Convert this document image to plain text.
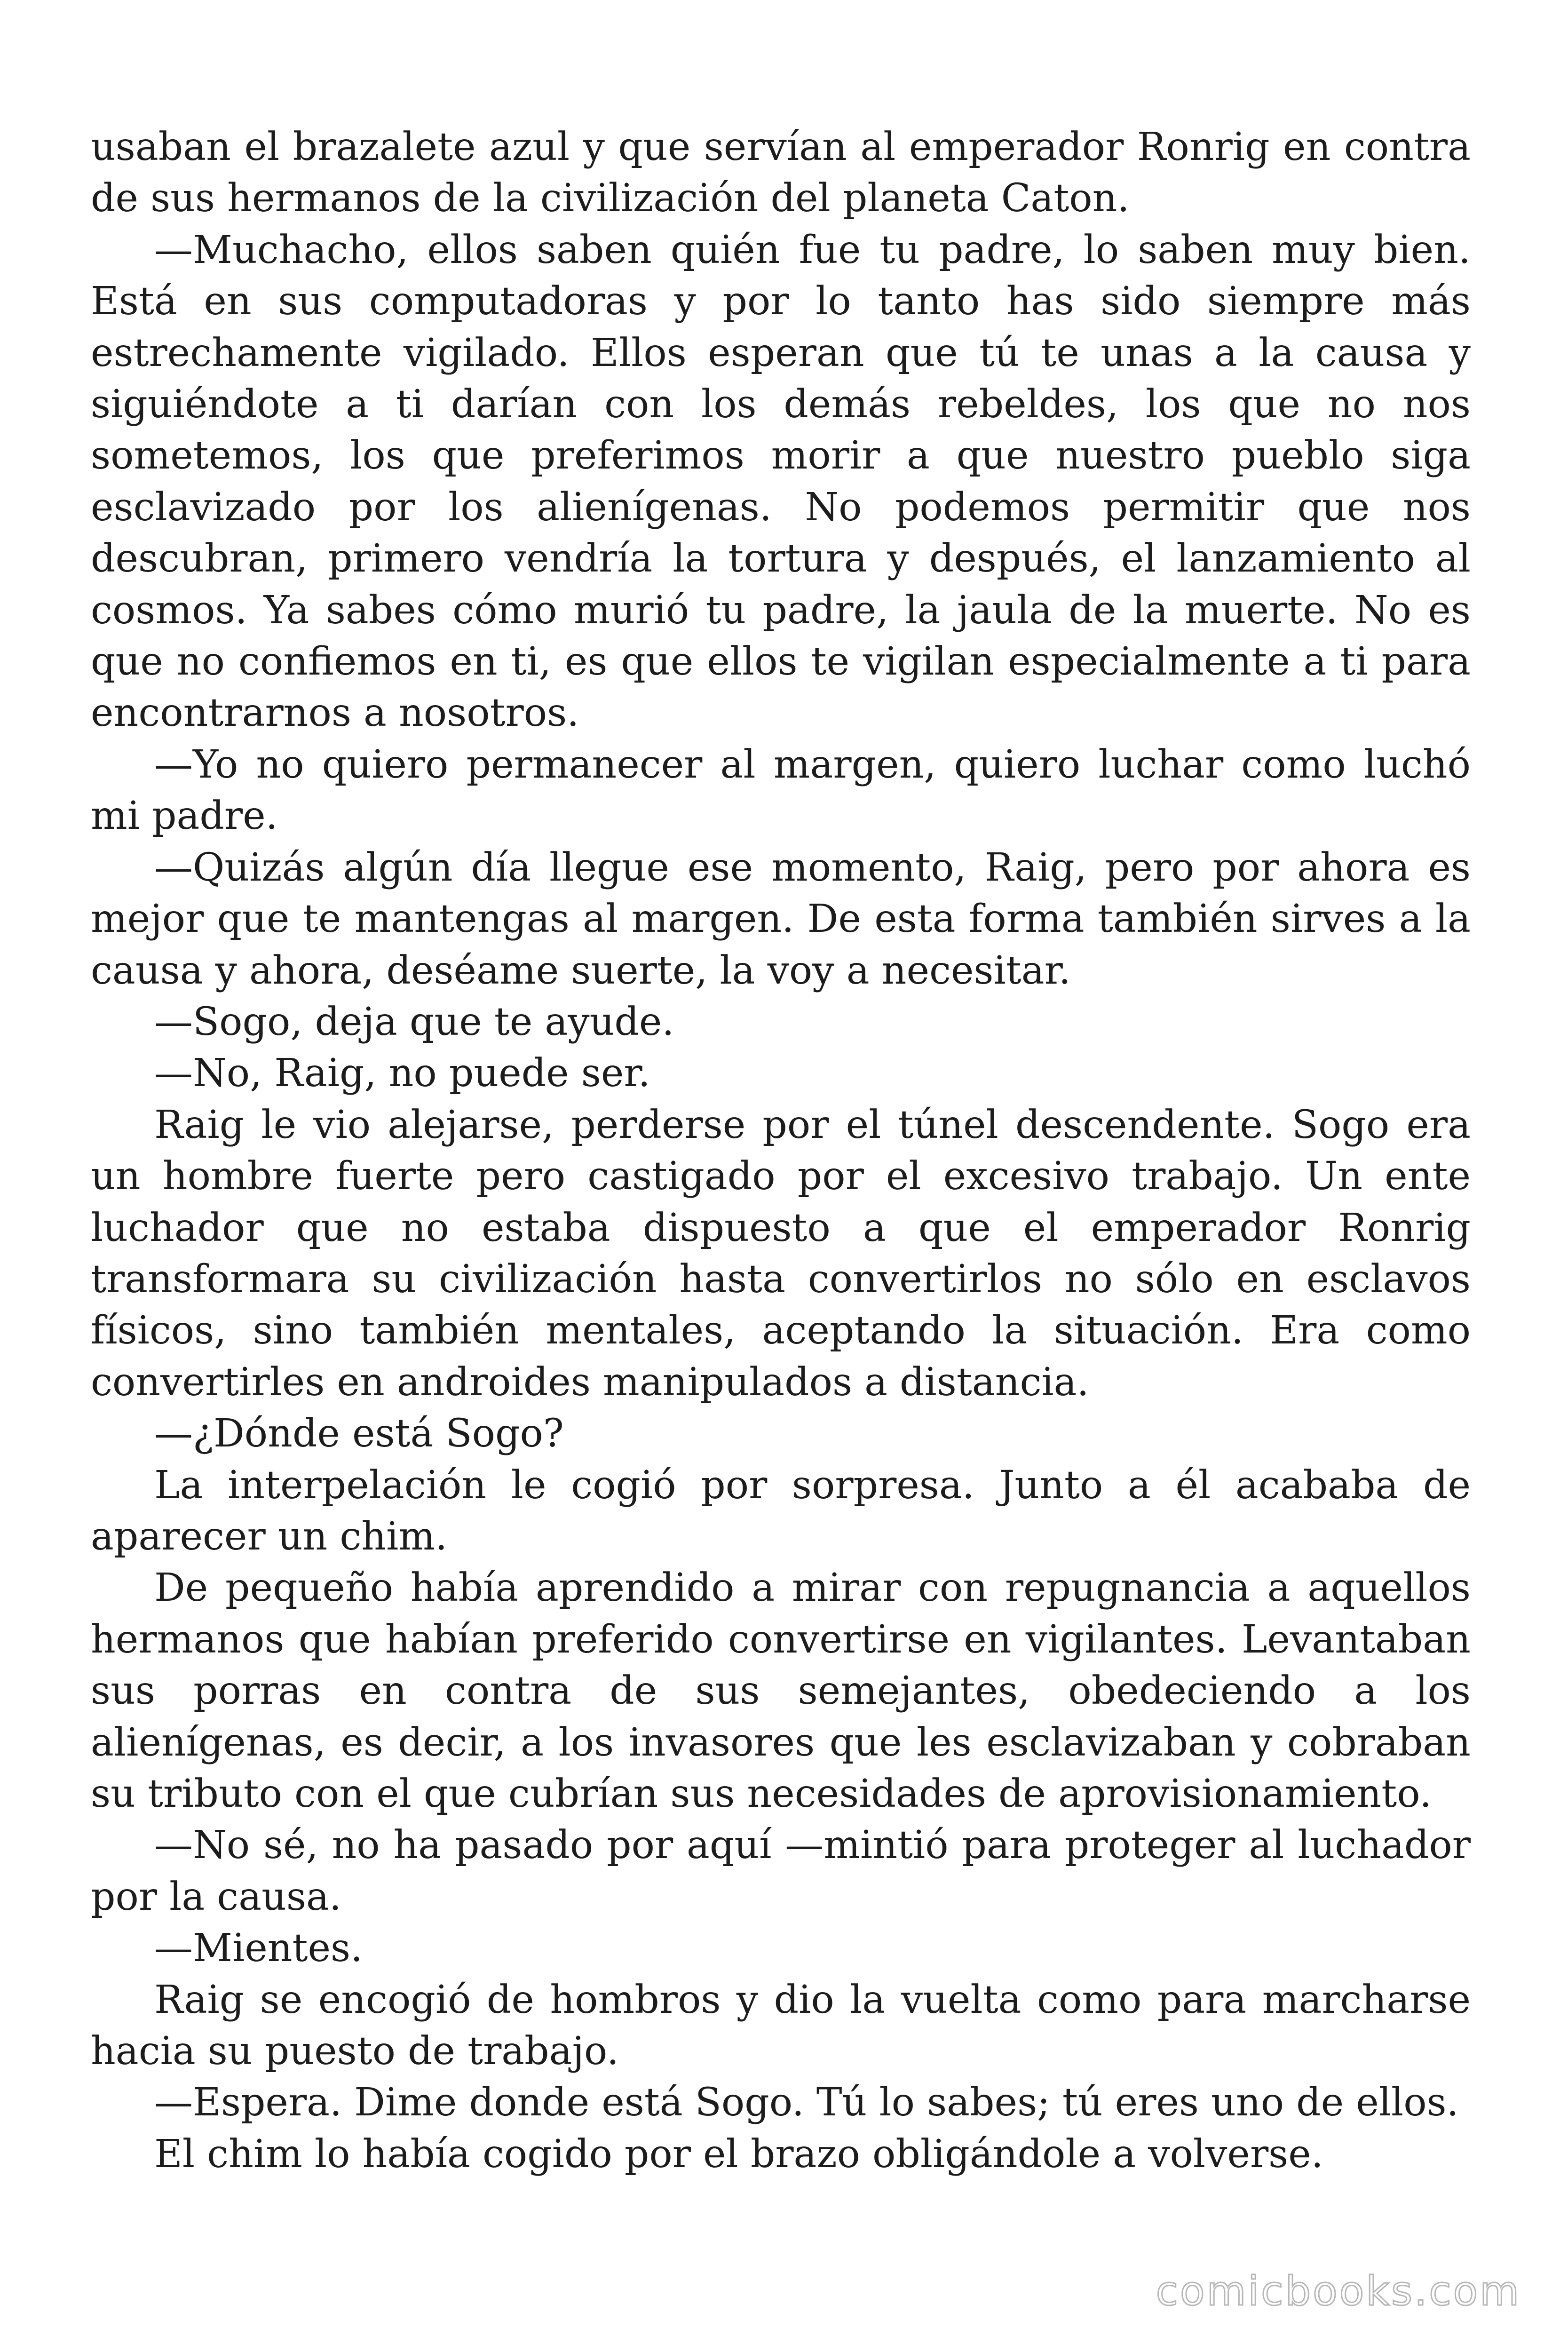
usaban el brazalete azul y que servían al emperador Ronrig en contra de sus hermanos de la civilización del planeta Caton.

—Muchacho, ellos saben quién fue tu padre, lo saben muy bien. Está en sus computadoras y por lo tanto has sido siempre más estrechamente vigilado. Ellos esperan que tú te unas a la causa y siguiéndote a ti darían con los demás rebeldes, los que no nos sometemos, los que preferimos morir a que nuestro pueblo siga esclavizado por los alienígenas. No podemos permitir que nos descubran, primero vendría la tortura y después, el lanzamiento al cosmos. Ya sabes cómo murió tu padre, la jaula de la muerte. No es que no confiemos en ti, es que ellos te vigilan especialmente a ti para encontrarnos a nosotros.

—Yo no quiero permanecer al margen, quiero luchar como luchó mi padre.

—Quizás algún día llegue ese momento, Raig, pero por ahora es mejor que te mantengas al margen. De esta forma también sirves a la causa y ahora, deséame suerte, la voy a necesitar.

—Sogo, deja que te ayude.

—No, Raig, no puede ser.

Raig le vio alejarse, perderse por el túnel descendente. Sogo era un hombre fuerte pero castigado por el excesivo trabajo. Un ente luchador que no estaba dispuesto a que el emperador Ronrig transformara su civilización hasta convertirlos no sólo en esclavos físicos, sino también mentales, aceptando la situación. Era como convertirles en androides manipulados a distancia.

—¿Dónde está Sogo?

La interpelación le cogió por sorpresa. Junto a él acababa de aparecer un chim.

De pequeño había aprendido a mirar con repugnancia a aquellos hermanos que habían preferido convertirse en vigilantes. Levantaban sus porras en contra de sus semejantes, obedeciendo a los alienígenas, es decir, a los invasores que les esclavizaban y cobraban su tributo con el que cubrían sus necesidades de aprovisionamiento.

—No sé, no ha pasado por aquí —mintió para proteger al luchador por la causa.

—Mientes.

Raig se encogió de hombros y dio la vuelta como para marcharse hacia su puesto de trabajo.

—Espera. Dime donde está Sogo. Tú lo sabes; tú eres uno de ellos.

El chim lo había cogido por el brazo obligándole a volverse.

comicbooks.com
